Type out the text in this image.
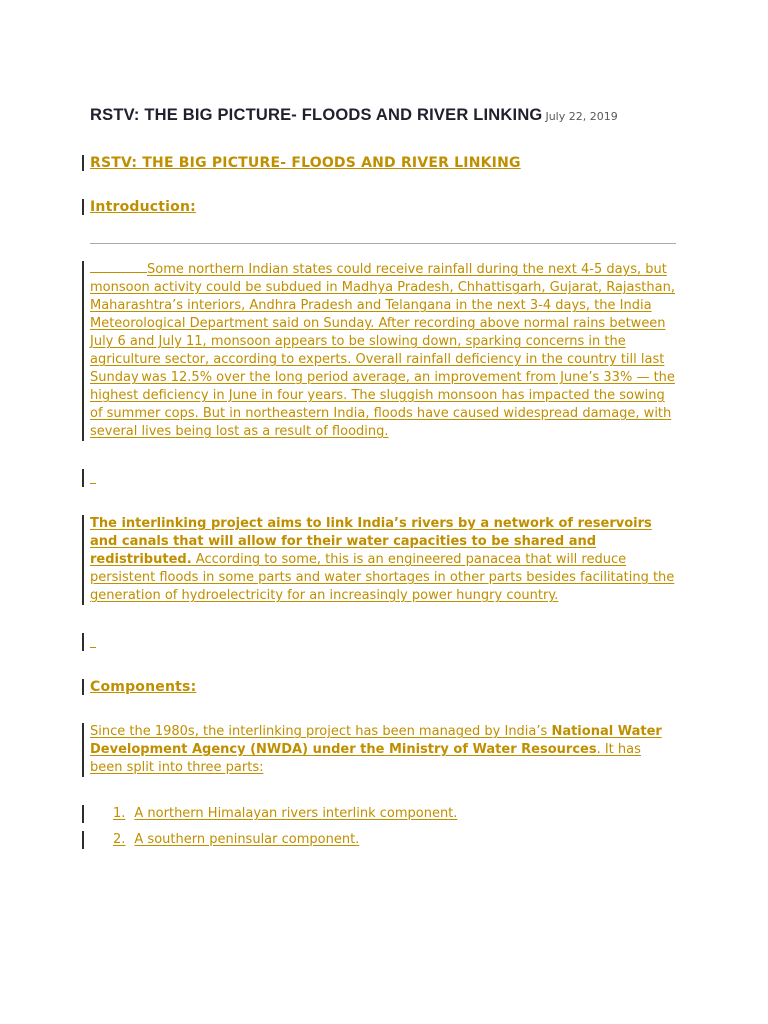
RSTV: THE BIG PICTURE- FLOODS AND RIVER LINKING July 22, 2019
RSTV: THE BIG PICTURE- FLOODS AND RIVER LINKING
Introduction:
Some northern Indian states could receive rainfall during the next 4-5 days, but monsoon activity could be subdued in Madhya Pradesh, Chhattisgarh, Gujarat, Rajasthan, Maharashtra’s interiors, Andhra Pradesh and Telangana in the next 3-4 days, the India Meteorological Department said on Sunday. After recording above normal rains between July 6 and July 11, monsoon appears to be slowing down, sparking concerns in the agriculture sector, according to experts. Overall rainfall deficiency in the country till last Sunday was 12.5% over the long period average, an improvement from June’s 33% — the highest deficiency in June in four years. The sluggish monsoon has impacted the sowing of summer cops. But in northeastern India, floods have caused widespread damage, with several lives being lost as a result of flooding.
The interlinking project aims to link India’s rivers by a network of reservoirs and canals that will allow for their water capacities to be shared and redistributed. According to some, this is an engineered panacea that will reduce persistent floods in some parts and water shortages in other parts besides facilitating the generation of hydroelectricity for an increasingly power hungry country.
Components:
Since the 1980s, the interlinking project has been managed by India’s National Water Development Agency (NWDA) under the Ministry of Water Resources. It has been split into three parts:
1. A northern Himalayan rivers interlink component.
2. A southern peninsular component.
